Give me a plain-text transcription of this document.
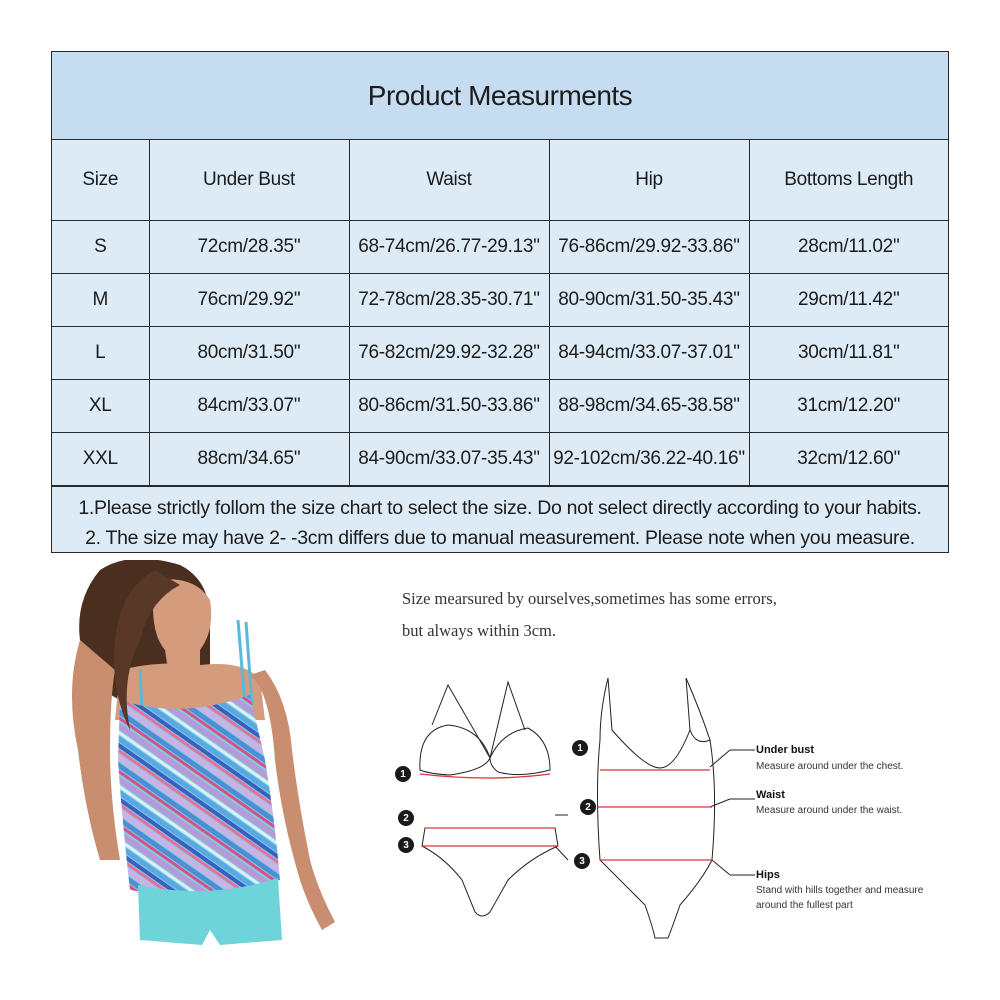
Product Measurments
Size	Under Bust	Waist	Hip	Bottoms Length
S	72cm/28.35''	68-74cm/26.77-29.13''	76-86cm/29.92-33.86''	28cm/11.02''
M	76cm/29.92''	72-78cm/28.35-30.71''	80-90cm/31.50-35.43''	29cm/11.42''
L	80cm/31.50''	76-82cm/29.92-32.28''	84-94cm/33.07-37.01''	30cm/11.81''
XL	84cm/33.07''	80-86cm/31.50-33.86''	88-98cm/34.65-38.58''	31cm/12.20''
XXL	88cm/34.65''	84-90cm/33.07-35.43''	92-102cm/36.22-40.16''	32cm/12.60''
1.Please strictly follom the size chart to select the size. Do not select directly according to your habits.
2. The size may have 2- -3cm differs due to manual measurement. Please note when you measure.
Size mearsured by ourselves,sometimes has some errors,
but always within 3cm.
1
2
3
1
2
3
Under bust
Measure around under the chest.
Waist
Measure around under the waist.
Hips
Stand with hills together and measure
around the fullest part
